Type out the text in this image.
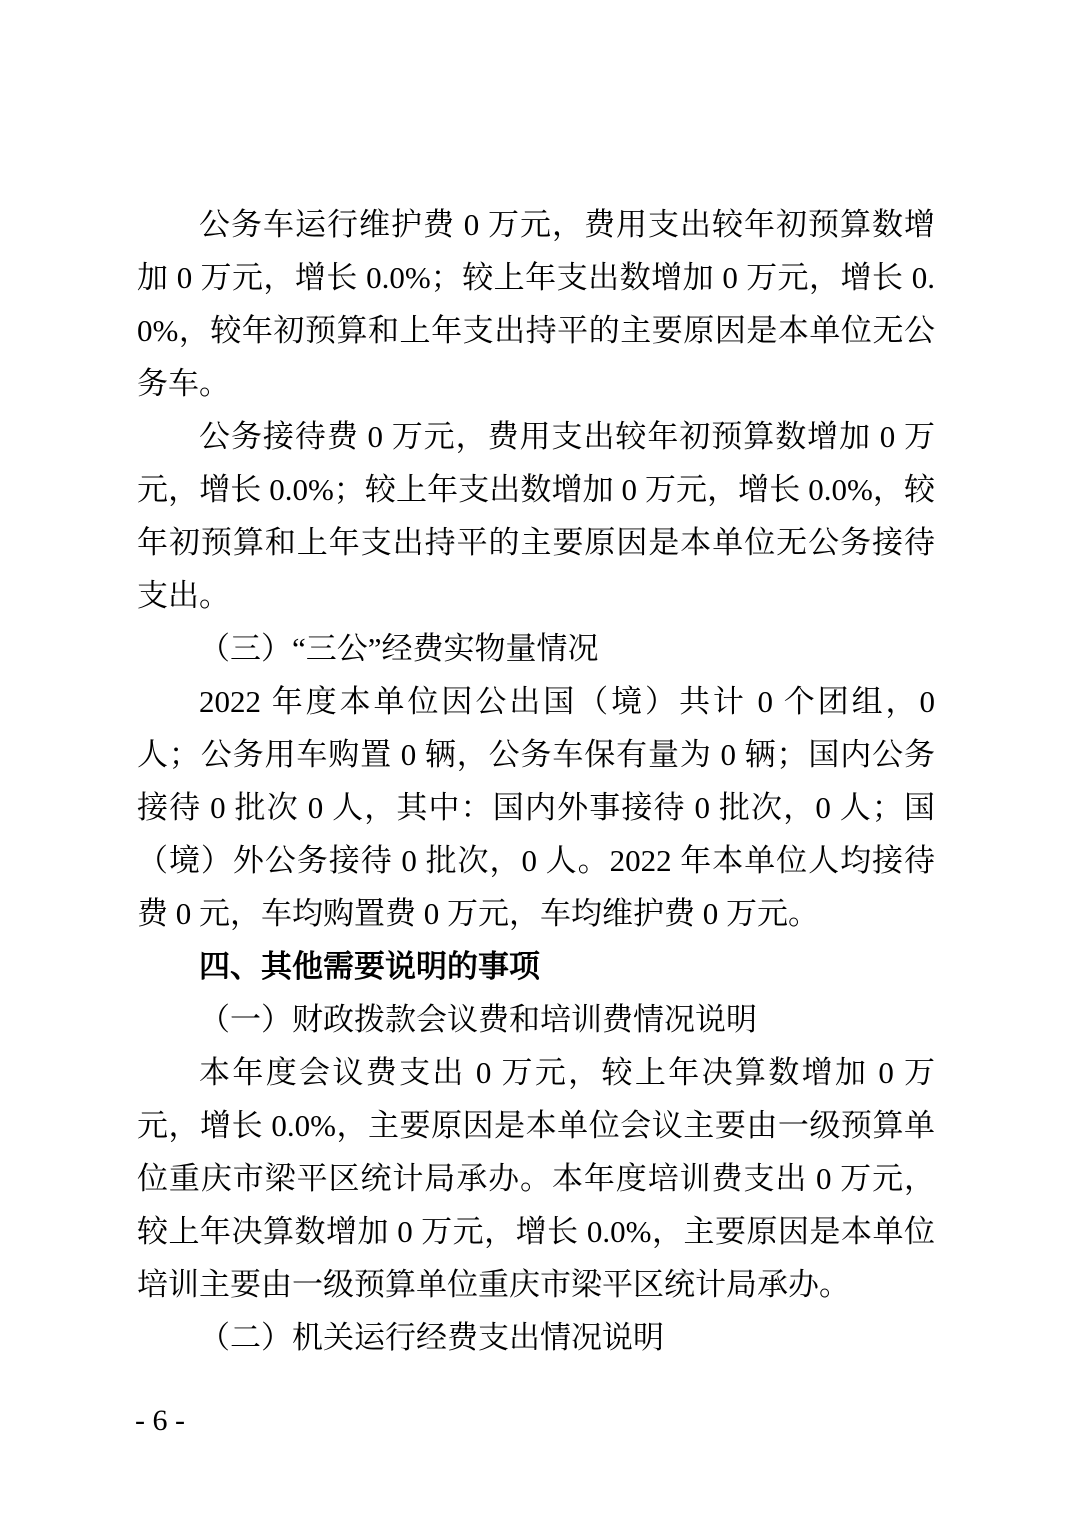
公务车运行维护费 0 万元，费用支出较年初预算数增加 0 万元，增长 0.0%；较上年支出数增加 0 万元，增长 0.0%，较年初预算和上年支出持平的主要原因是本单位无公务车。

公务接待费 0 万元，费用支出较年初预算数增加 0 万元，增长 0.0%；较上年支出数增加 0 万元，增长 0.0%，较年初预算和上年支出持平的主要原因是本单位无公务接待支出。

（三）“三公”经费实物量情况

2022 年度本单位因公出国（境）共计 0 个团组，0 人；公务用车购置 0 辆，公务车保有量为 0 辆；国内公务接待 0 批次 0 人，其中：国内外事接待 0 批次，0 人；国（境）外公务接待 0 批次，0 人。2022 年本单位人均接待费 0 元，车均购置费 0 万元，车均维护费 0 万元。

四、其他需要说明的事项
（一）财政拨款会议费和培训费情况说明

本年度会议费支出 0 万元，较上年决算数增加 0 万元，增长 0.0%，主要原因是本单位会议主要由一级预算单位重庆市梁平区统计局承办。本年度培训费支出 0 万元，较上年决算数增加 0 万元，增长 0.0%，主要原因是本单位培训主要由一级预算单位重庆市梁平区统计局承办。

（二）机关运行经费支出情况说明
- 6 -
